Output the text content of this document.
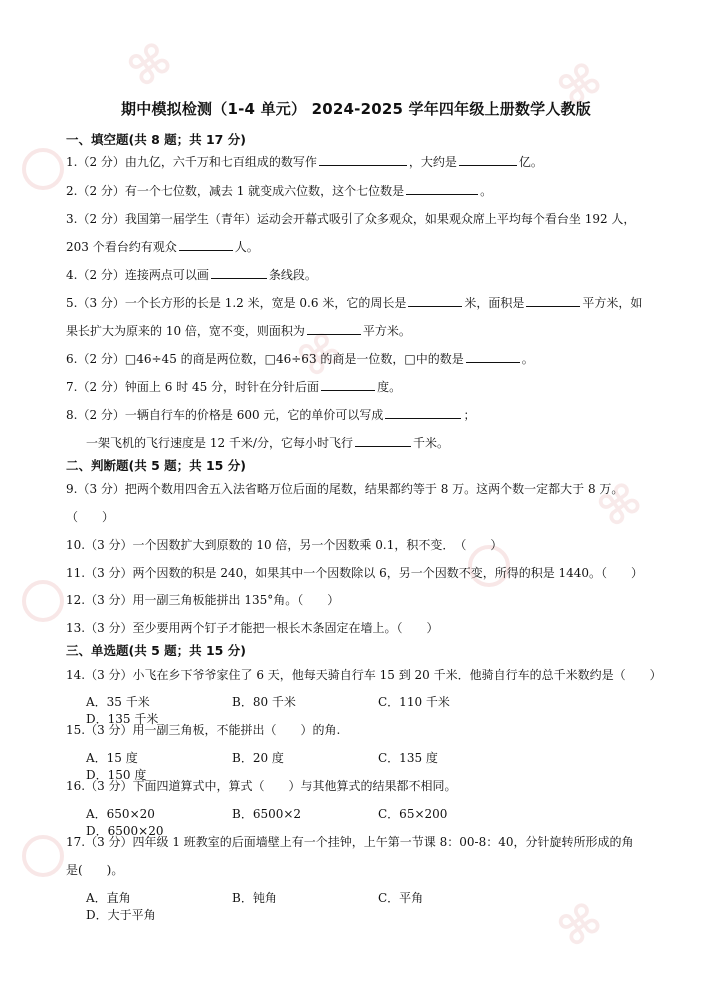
⌘	⌘
⌘
⌘
⌘
期中模拟检测（1-4 单元） 2024-2025 学年四年级上册数学人教版
一、填空题(共 8 题；共 17 分)
1.（2 分）由九亿，六千万和七百组成的数写作	，大约是	亿。
2.（2 分）有一个七位数，减去 1 就变成六位数，这个七位数是	。
3.（2 分）我国第一届学生（青年）运动会开幕式吸引了众多观众，如果观众席上平均每个看台坐 192 人，
203 个看台约有观众	人。
4.（2 分）连接两点可以画	条线段。
5.（3 分）一个长方形的长是 1.2 米，宽是 0.6 米，它的周长是	米，面积是	平方米，如
果长扩大为原来的 10 倍，宽不变，则面积为	平方米。
6.（2 分）□46÷45 的商是两位数，□46÷63 的商是一位数，□中的数是	。
7.（2 分）钟面上 6 时 45 分，时针在分针后面	度。
8.（2 分）一辆自行车的价格是 600 元，它的单价可以写成	；
一架飞机的飞行速度是 12 千米/分，它每小时飞行	千米。
二、判断题(共 5 题；共 15 分)
9.（3 分）把两个数用四舍五入法省略万位后面的尾数，结果都约等于 8 万。这两个数一定都大于 8 万。
（　　）
10.（3 分）一个因数扩大到原数的 10 倍，另一个因数乘 0.1，积不变．　（　　）
11.（3 分）两个因数的积是 240，如果其中一个因数除以 6，另一个因数不变，所得的积是 1440。（　　）
12.（3 分）用一副三角板能拼出 135°角。（　　）
13.（3 分）至少要用两个钉子才能把一根长木条固定在墙上。（　　）
三、单选题(共 5 题；共 15 分)
14.（3 分）小飞在乡下爷爷家住了 6 天，他每天骑自行车 15 到 20 千米．他骑自行车的总千米数约是（　　）
A．35 千米	B．80 千米	C．110 千米D．135 千米
15.（3 分）用一副三角板，不能拼出（　　）的角.
A．15 度	B．20 度	C．135 度D．150 度
16.（3 分）下面四道算式中，算式（　　）与其他算式的结果都不相同。
A．650×20	B．6500×2	C．65×200D．6500×20
17.（3 分）四年级 1 班教室的后面墙壁上有一个挂钟，上午第一节课 8：00-8：40，分针旋转所形成的角
是(　　)。
A．直角	B．钝角	C．平角D．大于平角
